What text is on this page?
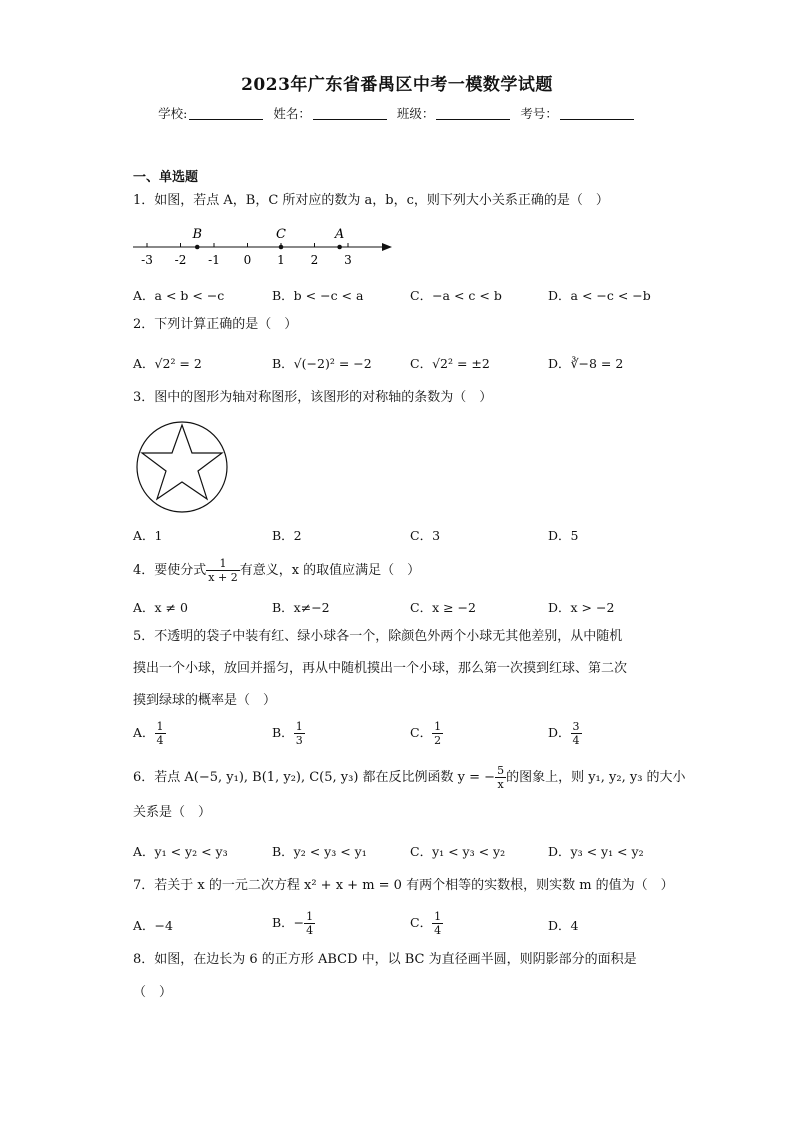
2023年广东省番禺区中考一模数学试题
学校:	姓名：	班级：	考号：
一、单选题
1．如图，若点 A，B，C 所对应的数为 a，b，c，则下列大小关系正确的是（　）
-3 -2 -1 0 1 2 3
B	C	A
A．a < b < −c	B．b < −c < a	C．−a < c < b	D．a < −c < −b
2．下列计算正确的是（　）
A．√2² = 2	B．√(−2)² = −2	C．√2² = ±2	D．∛−8 = 2
3．图中的图形为轴对称图形，该图形的对称轴的条数为（　）
A．1	B．2	C．3	D．5
4．要使分式 $\frac{1}{x + 2}$ 有意义，x 的取值应满足（　）
A．x ≠ 0	B．x≠−2	C．x ≥ −2	D．x > −2
5．不透明的袋子中装有红、绿小球各一个，除颜色外两个小球无其他差别，从中随机
摸出一个小球，放回并摇匀，再从中随机摸出一个小球，那么第一次摸到红球、第二次
摸到绿球的概率是（　）
A． $\frac{1}{4}$	B． $\frac{1}{3}$	C． $\frac{1}{2}$	D． $\frac{3}{4}$
6．若点 A(−5, y₁), B(1, y₂), C(5, y₃) 都在反比例函数 y = − $\frac{5}{x}$ 的图象上，则 y₁, y₂, y₃ 的大小
关系是（　）
A．y₁ < y₂ < y₃	B．y₂ < y₃ < y₁	C．y₁ < y₃ < y₂	D．y₃ < y₁ < y₂
7．若关于 x 的一元二次方程 x² + x + m = 0 有两个相等的实数根，则实数 m 的值为（　）
A．−4	B．− $\frac{1}{4}$	C． $\frac{1}{4}$	D．4
8．如图，在边长为 6 的正方形 ABCD 中，以 BC 为直径画半圆，则阴影部分的面积是
（　）
